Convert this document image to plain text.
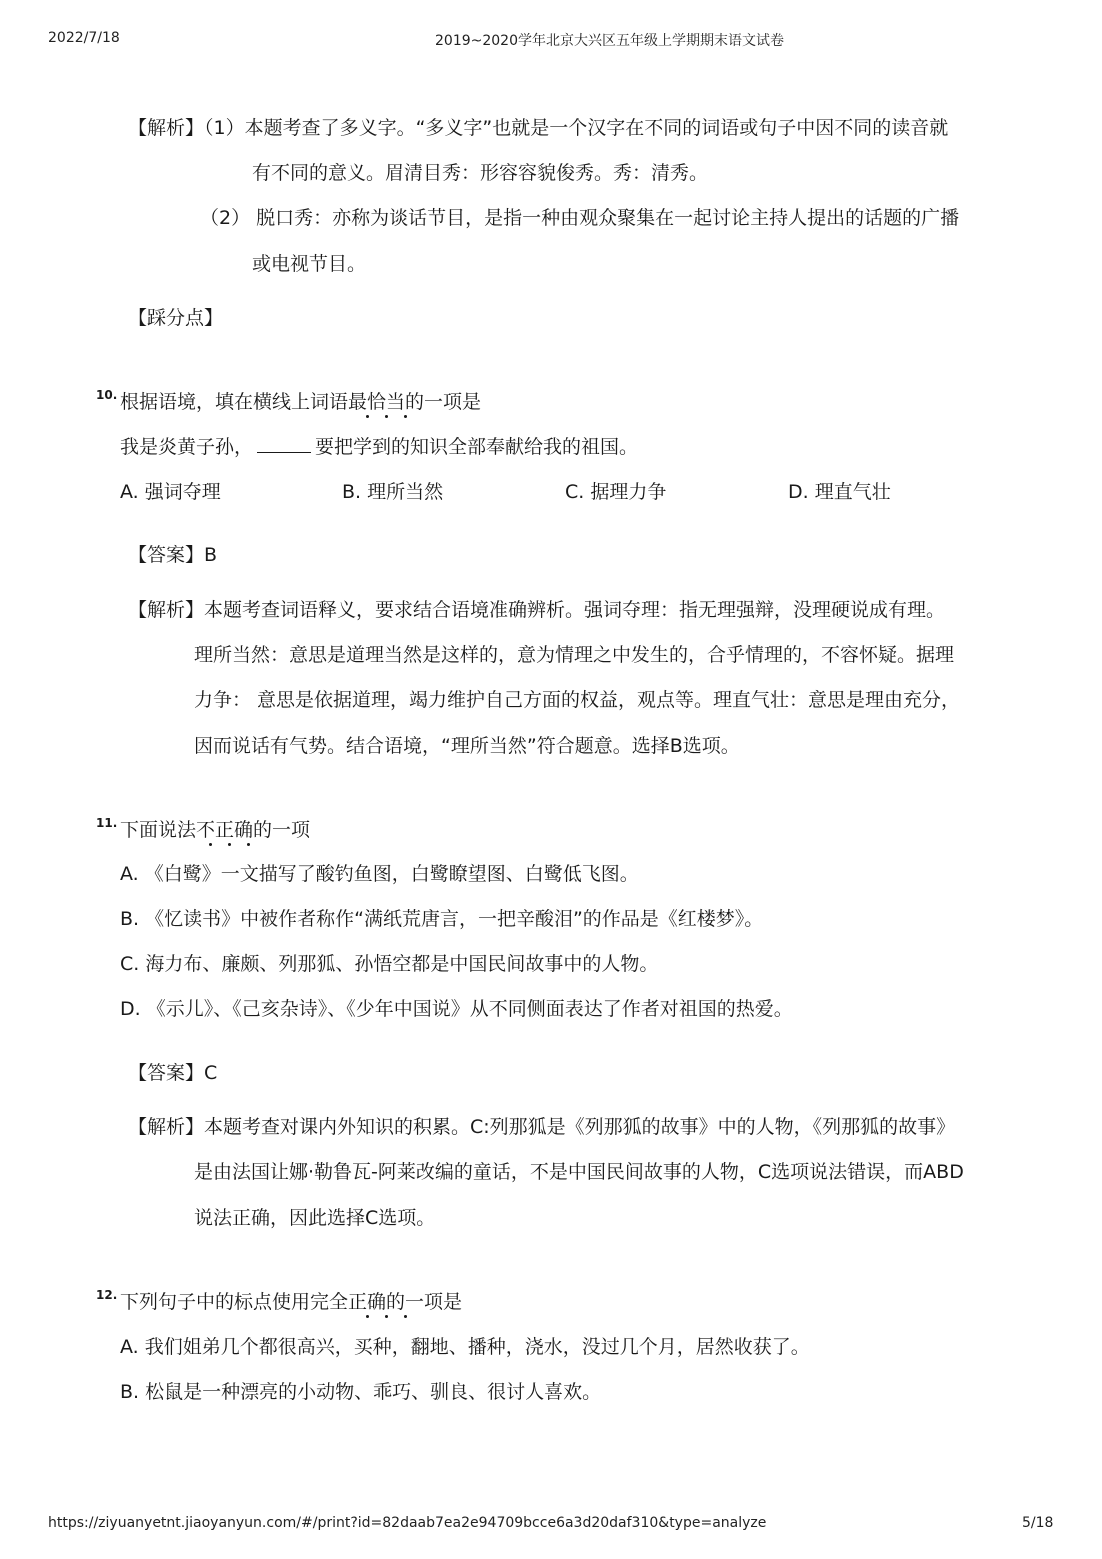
2022/7/18	2019~2020学年北京大兴区五年级上学期期末语文试卷
【解析】（1）本题考查了多义字。“多义字”也就是一个汉字在不同的词语或句子中因不同的读音就
有不同的意义。眉清目秀：形容容貌俊秀。秀：清秀。
（2） 脱口秀：亦称为谈话节目，是指一种由观众聚集在一起讨论主持人提出的话题的广播
或电视节目。
【踩分点】
10. 根据语境，填在横线上词语最恰当的一项是
我是炎黄子孙，	要把学到的知识全部奉献给我的祖国。
A. 强词夺理	B. 理所当然	C. 据理力争	D. 理直气壮
【答案】B
【解析】本题考查词语释义，要求结合语境准确辨析。强词夺理：指无理强辩，没理硬说成有理。
理所当然：意思是道理当然是这样的，意为情理之中发生的，合乎情理的，不容怀疑。据理
力争： 意思是依据道理，竭力维护自己方面的权益，观点等。理直气壮：意思是理由充分，
因而说话有气势。结合语境，“理所当然”符合题意。选择B选项。
11. 下面说法不正确的一项
A. 《白鹭》一文描写了酸钓鱼图，白鹭瞭望图、白鹭低飞图。
B. 《忆读书》中被作者称作“满纸荒唐言，一把辛酸泪”的作品是《红楼梦》。
C. 海力布、廉颇、列那狐、孙悟空都是中国民间故事中的人物。
D. 《示儿》、《己亥杂诗》、《少年中国说》从不同侧面表达了作者对祖国的热爱。
【答案】C
【解析】本题考查对课内外知识的积累。C:列那狐是《列那狐的故事》中的人物，《列那狐的故事》
是由法国让娜·勒鲁瓦-阿莱改编的童话，不是中国民间故事的人物，C选项说法错误，而ABD
说法正确，因此选择C选项。
12. 下列句子中的标点使用完全正确的一项是
A. 我们姐弟几个都很高兴，买种，翻地、播种，浇水，没过几个月，居然收获了。
B. 松鼠是一种漂亮的小动物、乖巧、驯良、很讨人喜欢。
https://ziyuanyetnt.jiaoyanyun.com/#/print?id=82daab7ea2e94709bcce6a3d20daf310&type=analyze	5/18
